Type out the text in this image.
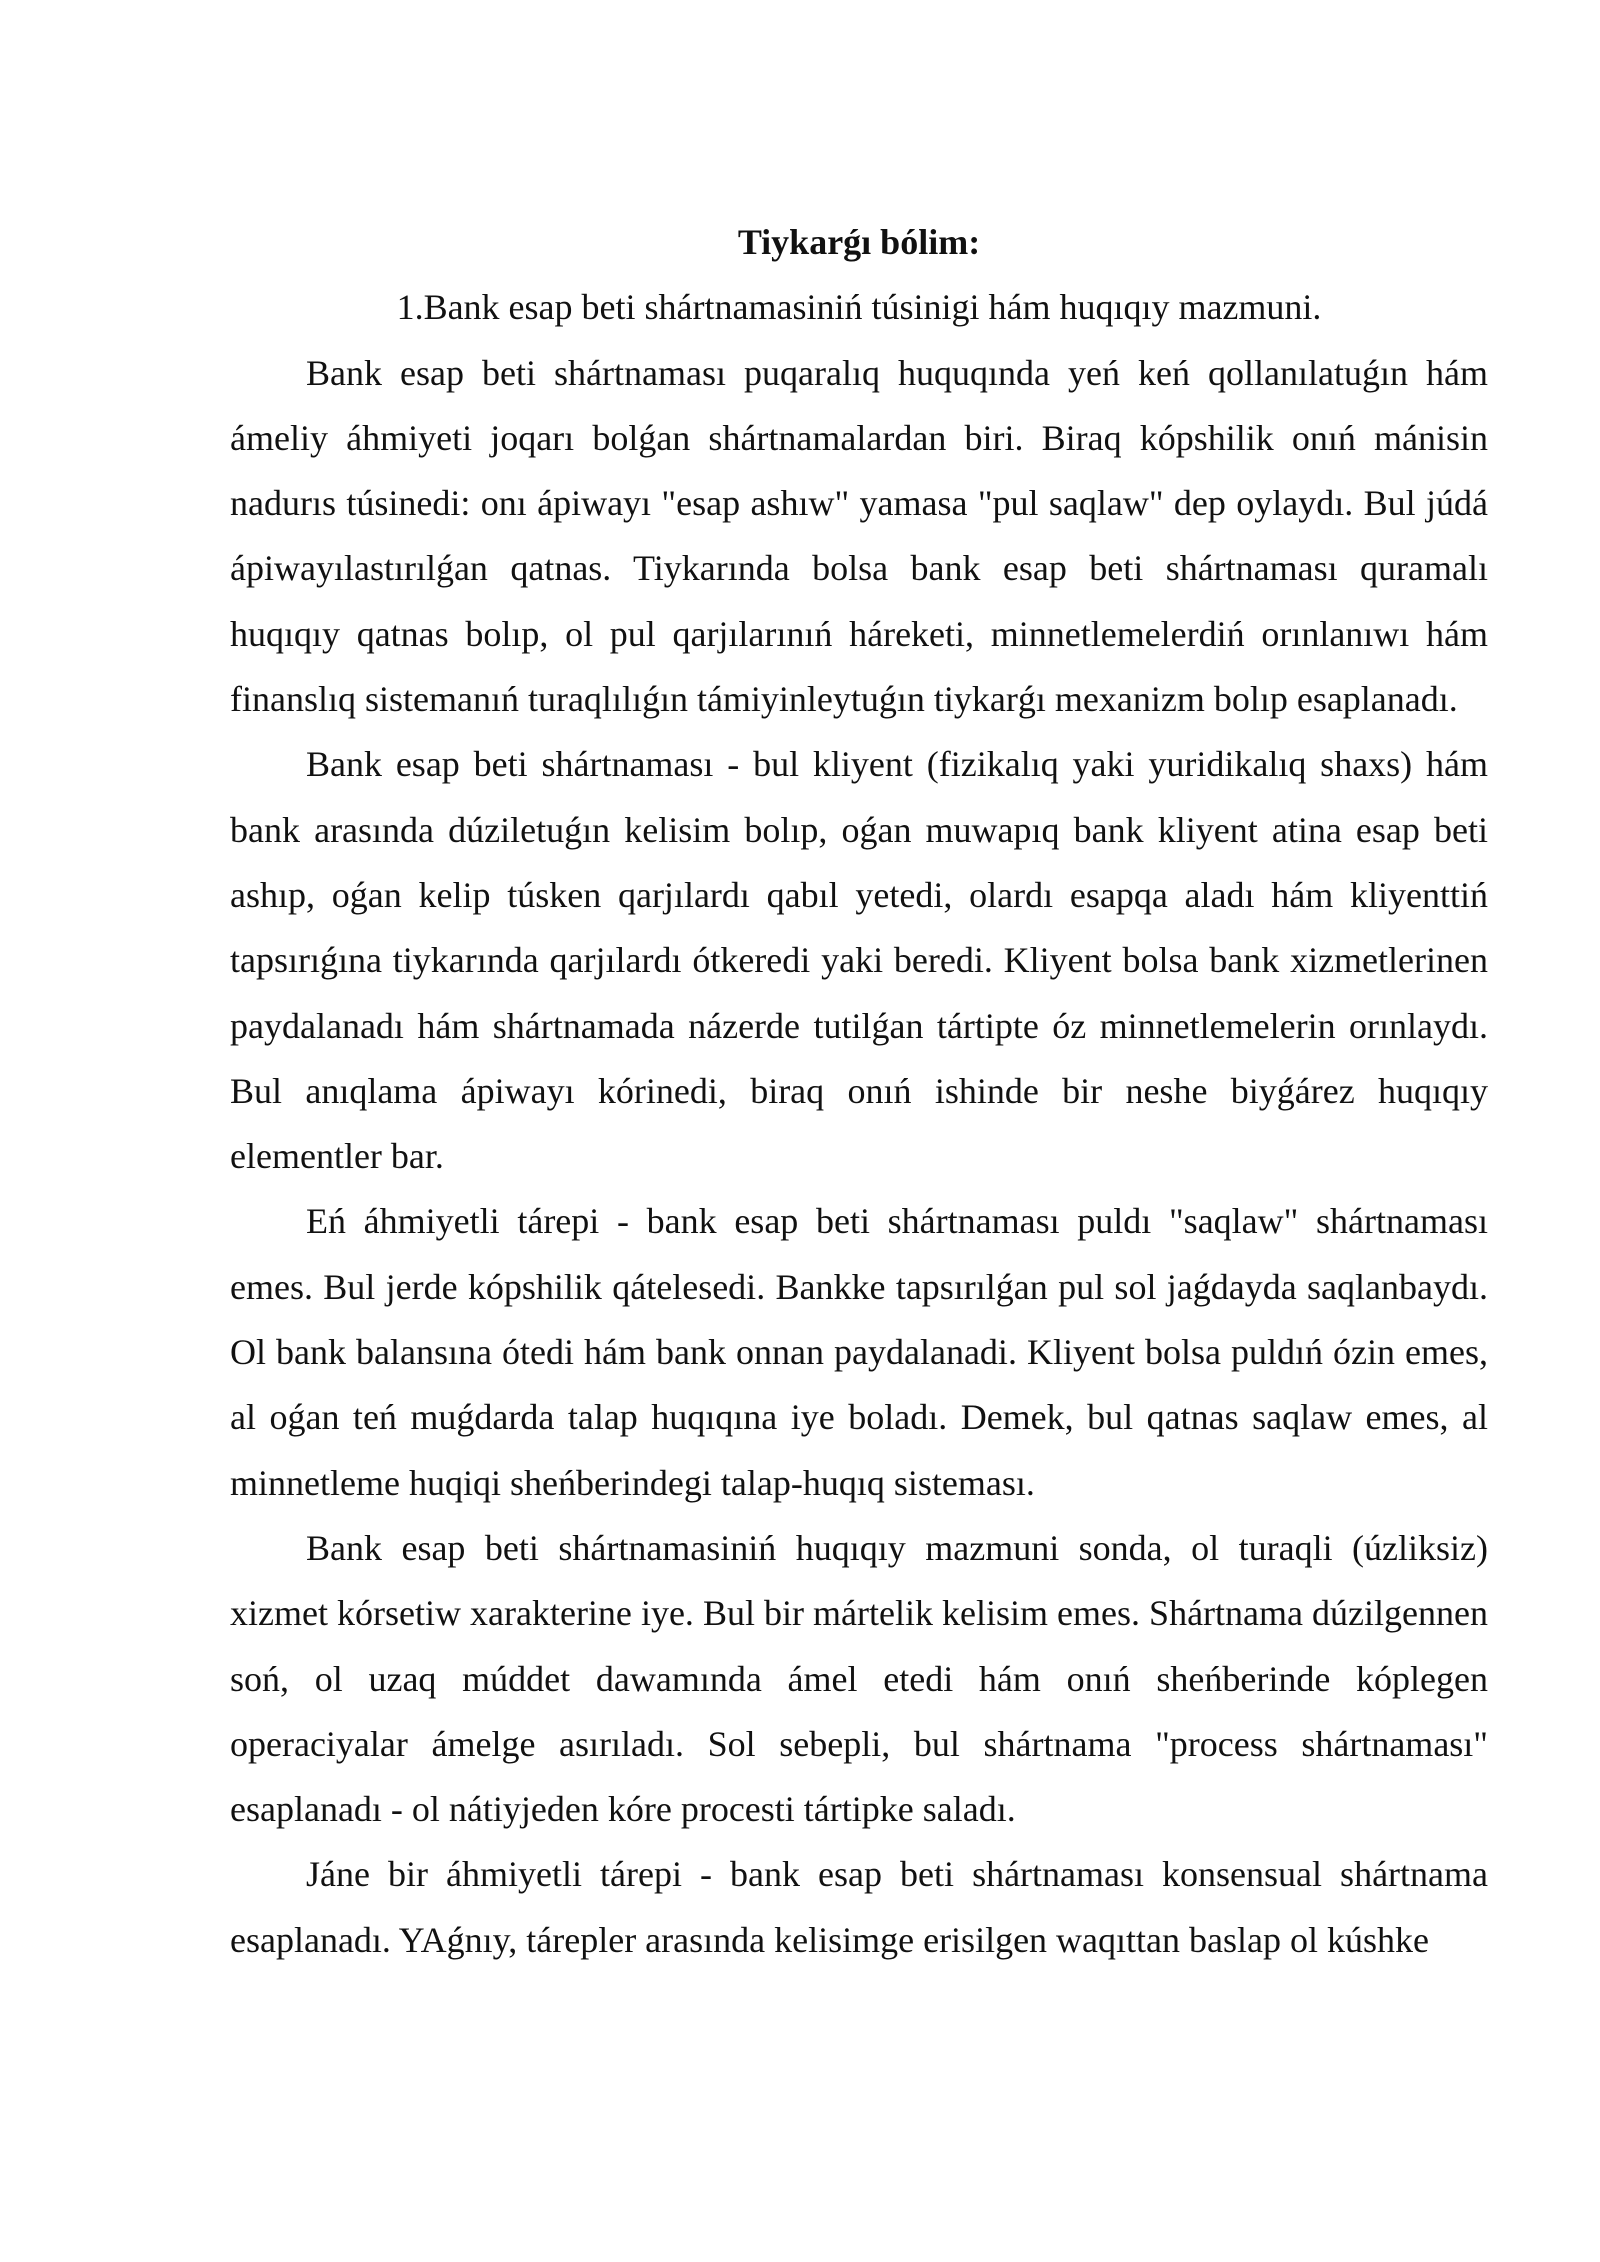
Tiykarǵı bólim:

1.Bank esap beti shártnamasiniń túsinigi hám huqıqıy mazmuni.

Bank esap beti shártnaması puqaralıq huquqında yeń keń qollanılatuǵın hám ámeliy áhmiyeti joqarı bolǵan shártnamalardan biri. Biraq kópshilik onıń mánisin nadurıs túsinedi: onı ápiwayı "esap ashıw" yamasa "pul saqlaw" dep oylaydı. Bul júdá ápiwayılastırılǵan qatnas. Tiykarında bolsa bank esap beti shártnaması quramalı huqıqıy qatnas bolıp, ol pul qarjılarınıń háreketi, minnetlemelerdiń orınlanıwı hám finanslıq sistemanıń turaqlılıǵın támiyinleytuǵın tiykarǵı mexanizm bolıp esaplanadı.

Bank esap beti shártnaması - bul kliyent (fizikalıq yaki yuridikalıq shaxs) hám bank arasında dúziletuǵın kelisim bolıp, oǵan muwapıq bank kliyent atina esap beti ashıp, oǵan kelip túsken qarjılardı qabıl yetedi, olardı esapqa aladı hám kliyenttiń tapsırıǵına tiykarında qarjılardı ótkeredi yaki beredi. Kliyent bolsa bank xizmetlerinen paydalanadı hám shártnamada názerde tutilǵan tártipte óz minnetlemelerin orınlaydı. Bul anıqlama ápiwayı kórinedi, biraq onıń ishinde bir neshe biyǵárez huqıqıy elementler bar.

Eń áhmiyetli tárepi - bank esap beti shártnaması puldı "saqlaw" shártnaması emes. Bul jerde kópshilik qátelesedi. Bankke tapsırılǵan pul sol jaǵdayda saqlanbaydı. Ol bank balansına ótedi hám bank onnan paydalanadi. Kliyent bolsa puldıń ózin emes, al oǵan teń muǵdarda talap huqıqına iye boladı. Demek, bul qatnas saqlaw emes, al minnetleme huqiqi sheńberindegi talap-huqıq sisteması.

Bank esap beti shártnamasiniń huqıqıy mazmuni sonda, ol turaqli (úzliksiz) xizmet kórsetiw xarakterine iye. Bul bir mártelik kelisim emes. Shártnama dúzilgennen soń, ol uzaq múddet dawamında ámel etedi hám onıń sheńberinde kóplegen operaciyalar ámelge asırıladı. Sol sebepli, bul shártnama "process shártnaması" esaplanadı - ol nátiyjeden kóre procesti tártipke saladı.

Jáne bir áhmiyetli tárepi - bank esap beti shártnaması konsensual shártnama esaplanadı. YAǵnıy, tárepler arasında kelisimge erisilgen waqıttan baslap ol kúshke
